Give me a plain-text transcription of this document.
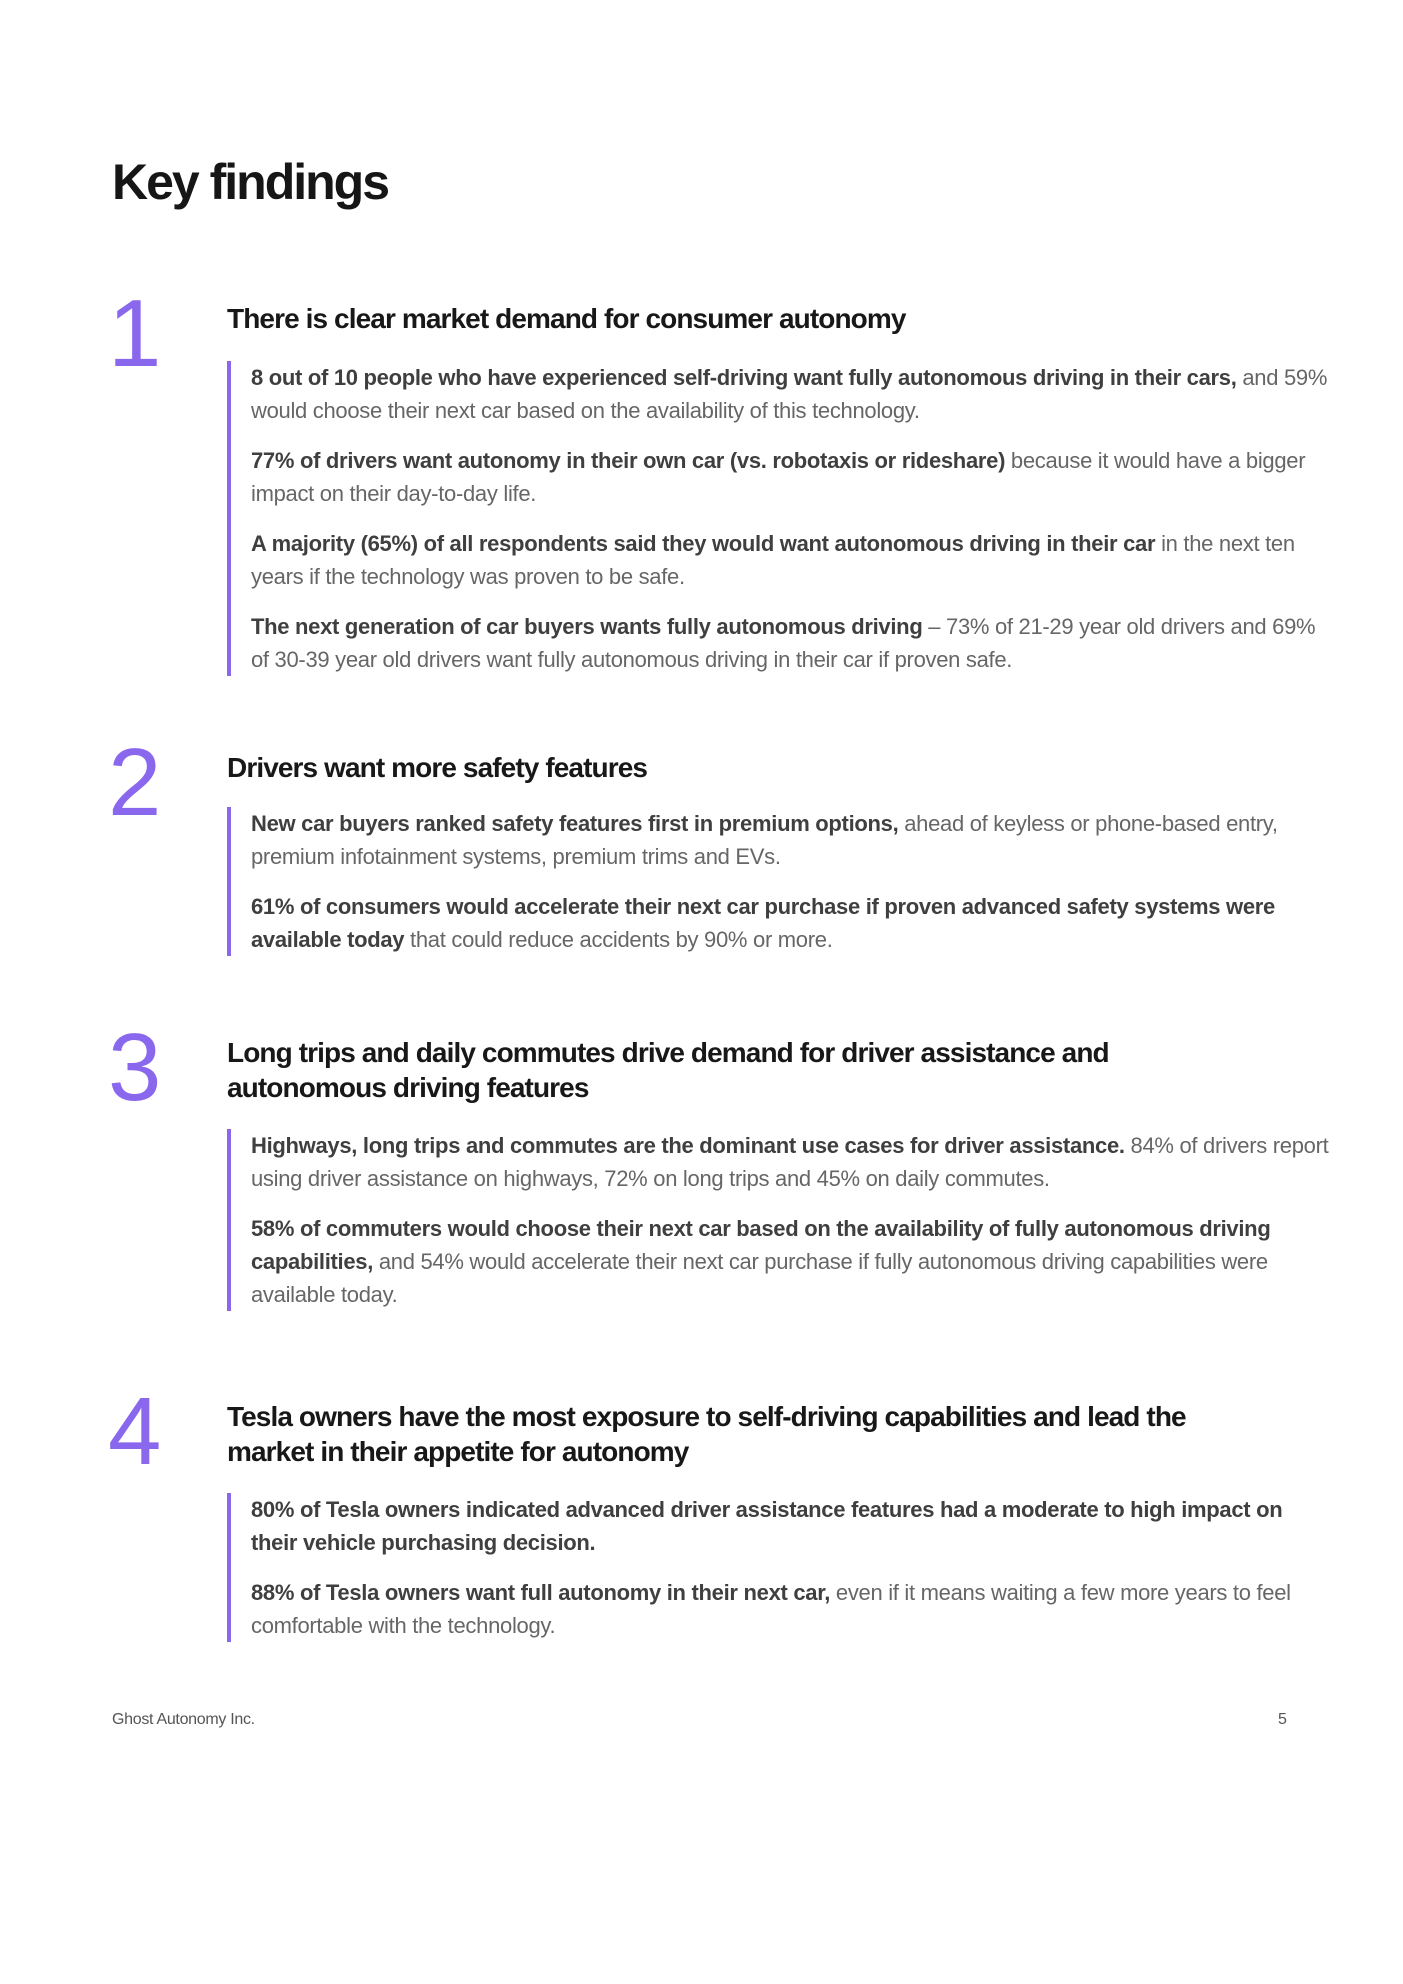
Key findings
1 There is clear market demand for consumer autonomy

8 out of 10 people who have experienced self-driving want fully autonomous driving in their cars, and 59% would choose their next car based on the availability of this technology.

77% of drivers want autonomy in their own car (vs. robotaxis or rideshare) because it would have a bigger impact on their day-to-day life.

A majority (65%) of all respondents said they would want autonomous driving in their car in the next ten years if the technology was proven to be safe.

The next generation of car buyers wants fully autonomous driving – 73% of 21-29 year old drivers and 69% of 30-39 year old drivers want fully autonomous driving in their car if proven safe.

2 Drivers want more safety features

New car buyers ranked safety features first in premium options, ahead of keyless or phone-based entry, premium infotainment systems, premium trims and EVs.

61% of consumers would accelerate their next car purchase if proven advanced safety systems were available today that could reduce accidents by 90% or more.

3 Long trips and daily commutes drive demand for driver assistance and autonomous driving features

Highways, long trips and commutes are the dominant use cases for driver assistance. 84% of drivers report using driver assistance on highways, 72% on long trips and 45% on daily commutes.

58% of commuters would choose their next car based on the availability of fully autonomous driving capabilities, and 54% would accelerate their next car purchase if fully autonomous driving capabilities were available today.

4 Tesla owners have the most exposure to self-driving capabilities and lead the market in their appetite for autonomy

80% of Tesla owners indicated advanced driver assistance features had a moderate to high impact on their vehicle purchasing decision.

88% of Tesla owners want full autonomy in their next car, even if it means waiting a few more years to feel comfortable with the technology.

Ghost Autonomy Inc.	5
